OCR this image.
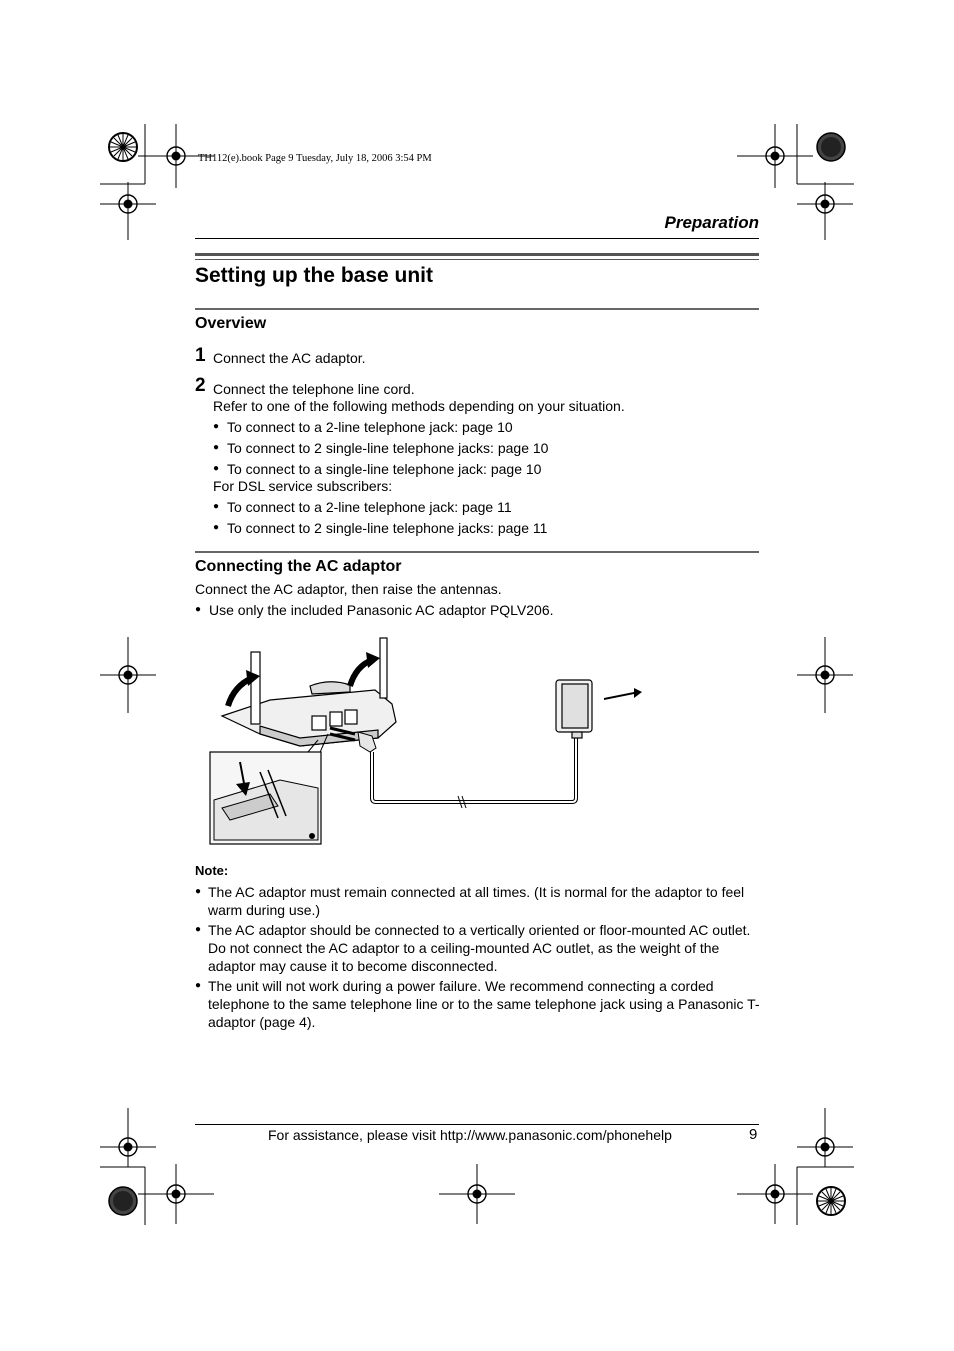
TH112(e).book Page 9 Tuesday, July 18, 2006 3:54 PM
Preparation
Setting up the base unit
Overview
1 Connect the AC adaptor.
2 Connect the telephone line cord.
Refer to one of the following methods depending on your situation.
● To connect to a 2-line telephone jack: page 10
● To connect to 2 single-line telephone jacks: page 10
● To connect to a single-line telephone jack: page 10
For DSL service subscribers:
● To connect to a 2-line telephone jack: page 11
● To connect to 2 single-line telephone jacks: page 11
Connecting the AC adaptor
Connect the AC adaptor, then raise the antennas.
● Use only the included Panasonic AC adaptor PQLV206.
Note:
● The AC adaptor must remain connected at all times. (It is normal for the adaptor to feel warm during use.)
● The AC adaptor should be connected to a vertically oriented or floor-mounted AC outlet. Do not connect the AC adaptor to a ceiling-mounted AC outlet, as the weight of the adaptor may cause it to become disconnected.
● The unit will not work during a power failure. We recommend connecting a corded telephone to the same telephone line or to the same telephone jack using a Panasonic T-adaptor (page 4).
For assistance, please visit http://www.panasonic.com/phonehelp	9
